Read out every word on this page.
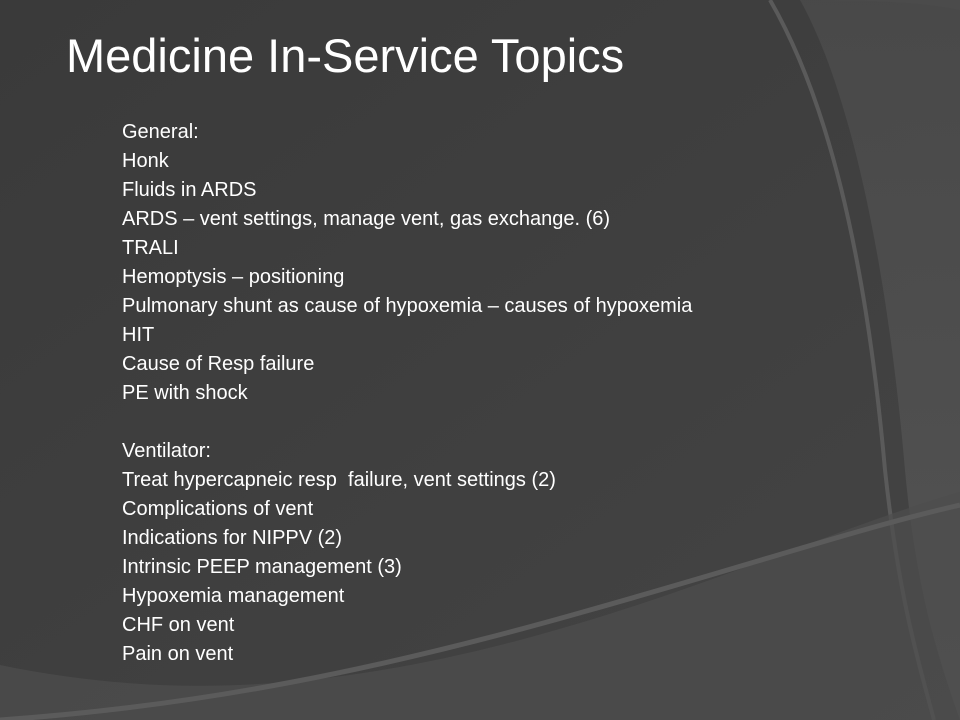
Medicine In-Service Topics
General:
Honk
Fluids in ARDS
ARDS – vent settings, manage vent, gas exchange. (6)
TRALI
Hemoptysis – positioning
Pulmonary shunt as cause of hypoxemia – causes of hypoxemia
HIT
Cause of Resp failure
PE with shock
Ventilator:
Treat hypercapneic resp  failure, vent settings (2)
Complications of vent
Indications for NIPPV (2)
Intrinsic PEEP management (3)
Hypoxemia management
CHF on vent
Pain on vent
